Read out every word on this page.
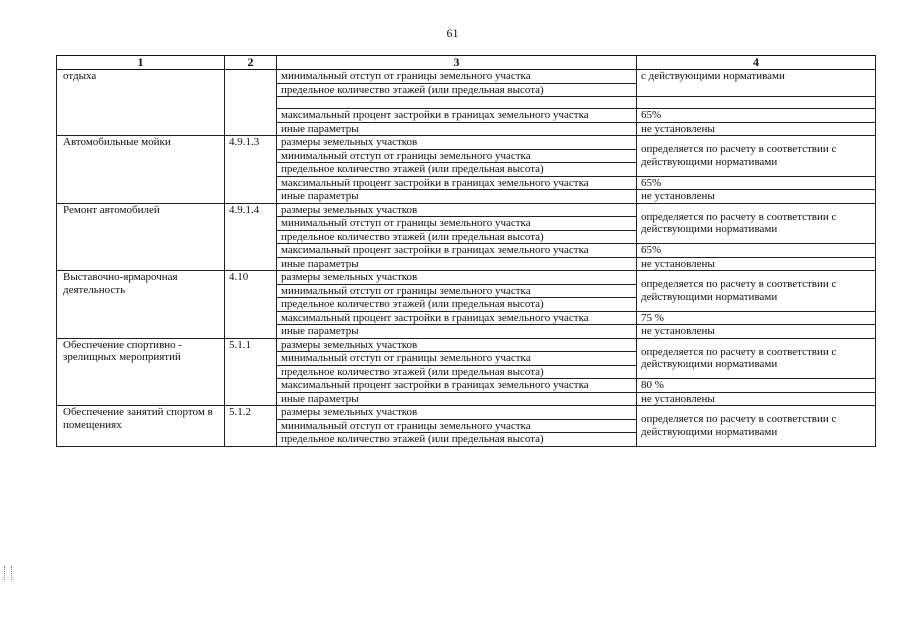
61
1	2	3	4
отдыха		минимальный отступ от границы земельного участка	с действующими нормативами
		предельное количество этажей (или предельная высота)	

		максимальный процент застройки в границах земельного участка	65%
		иные параметры	не установлены
Автомобильные мойки	4.9.1.3	размеры земельных участков	определяется по расчету в соответствии с действующими нормативами
		минимальный отступ от границы земельного участка	
		предельное количество этажей (или предельная высота)	
		максимальный процент застройки в границах земельного участка	65%
		иные параметры	не установлены
Ремонт автомобилей	4.9.1.4	размеры земельных участков	определяется по расчету в соответствии с действующими нормативами
		минимальный отступ от границы земельного участка	
		предельное количество этажей (или предельная высота)	
		максимальный процент застройки в границах земельного участка	65%
		иные параметры	не установлены
Выставочно-ярмарочная деятельность	4.10	размеры земельных участков	определяется по расчету в соответствии с действующими нормативами
		минимальный отступ от границы земельного участка	
		предельное количество этажей (или предельная высота)	
		максимальный процент застройки в границах земельного участка	75 %
		иные параметры	не установлены
Обеспечение спортивно - зрелищных мероприятий	5.1.1	размеры земельных участков	определяется по расчету в соответствии с действующими нормативами
		минимальный отступ от границы земельного участка	
		предельное количество этажей (или предельная высота)	
		максимальный процент застройки в границах земельного участка	80 %
		иные параметры	не установлены
Обеспечение занятий спортом в помещениях	5.1.2	размеры земельных участков	определяется по расчету в соответствии с действующими нормативами
		минимальный отступ от границы земельного участка	
		предельное количество этажей (или предельная высота)	
